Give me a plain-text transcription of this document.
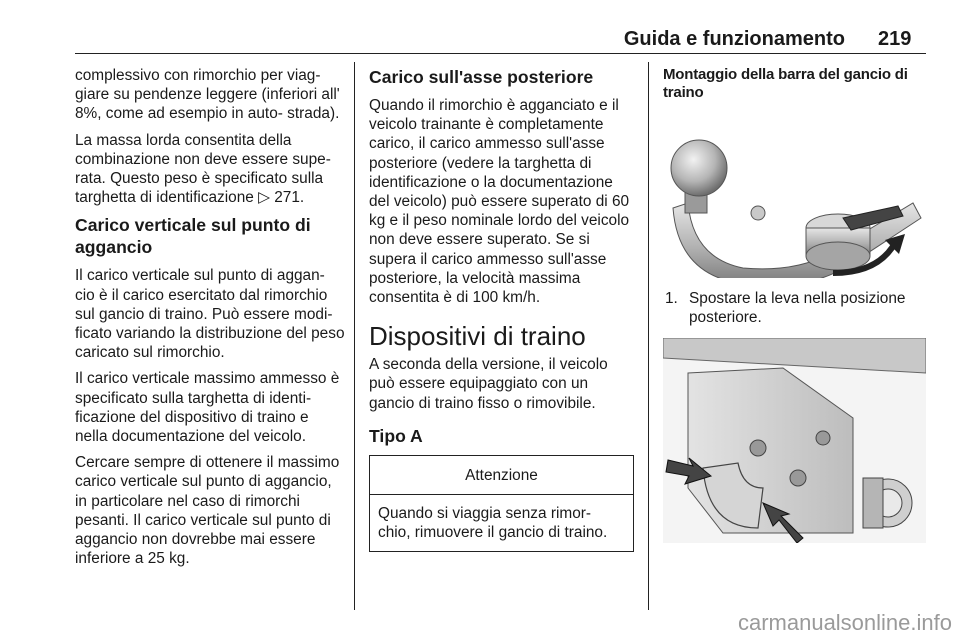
Guida e funzionamento 219

complessivo con rimorchio per viag- giare su pendenze leggere (inferiori all' 8%, come ad esempio in auto- strada).

La massa lorda consentita della combinazione non deve essere supe- rata. Questo peso è specificato sulla targhetta di identificazione ▷ 271.

Carico verticale sul punto di aggancio

Il carico verticale sul punto di aggan- cio è il carico esercitato dal rimorchio sul gancio di traino. Può essere modi- ficato variando la distribuzione del peso caricato sul rimorchio.

Il carico verticale massimo ammesso è specificato sulla targhetta di identi- ficazione del dispositivo di traino e nella documentazione del veicolo.

Cercare sempre di ottenere il massimo carico verticale sul punto di aggancio, in particolare nel caso di rimorchi pesanti. Il carico verticale sul punto di aggancio non dovrebbe mai essere inferiore a 25 kg.

Carico sull'asse posteriore

Quando il rimorchio è agganciato e il veicolo trainante è completamente carico, il carico ammesso sull'asse posteriore (vedere la targhetta di identificazione o la documentazione del veicolo) può essere superato di 60 kg e il peso nominale lordo del veicolo non deve essere superato. Se si supera il carico ammesso sull'asse posteriore, la velocità massima consentita è di 100 km/h.

Dispositivi di traino

A seconda della versione, il veicolo può essere equipaggiato con un gancio di traino fisso o rimovibile.

Tipo A
Attenzione
Quando si viaggia senza rimor- chio, rimuovere il gancio di traino.
Montaggio della barra del gancio di traino
1. Spostare la leva nella posizione posteriore.
carmanualsonline.info
